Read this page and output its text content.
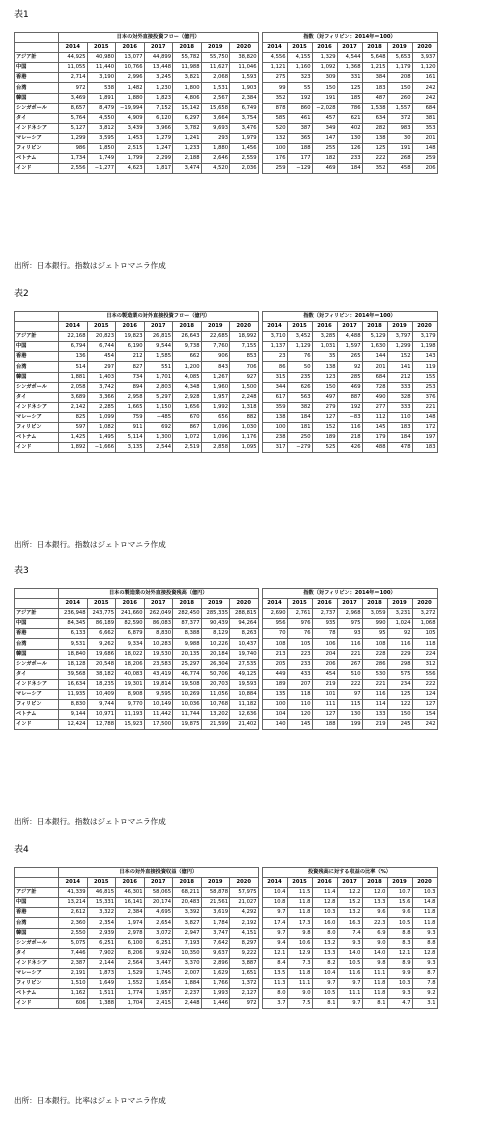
表1
	日本の対外直接投資フロー（億円）								指数（対フィリピン：2014年＝100）						
	2014	2015	2016	2017	2018	2019	2020		2014	2015	2016	2017	2018	2019	2020
アジア計	44,925	40,980	13,077	44,899	55,782	55,750	38,820		4,556	4,155	1,329	4,544	5,648	5,653	3,937
中国	11,055	11,440	10,766	13,448	11,988	11,627	11,046		1,121	1,160	1,092	1,368	1,215	1,179	1,120
香港	2,714	3,190	2,996	3,245	3,821	2,068	1,593		275	323	309	331	384	208	161
台湾	972	538	1,482	1,230	1,800	1,531	1,903		99	55	150	125	183	150	242
韓国	3,469	1,891	1,880	1,823	4,806	2,567	2,384		352	192	191	185	487	260	242
シンガポール	8,657	8,479	−19,994	7,152	15,142	15,658	6,749		878	860	−2,028	786	1,538	1,557	684
タイ	5,764	4,550	4,909	6,120	6,297	3,664	3,754		585	461	457	621	634	372	381
インドネシア	5,127	3,812	3,439	3,966	3,782	9,693	3,476		520	387	349	402	282	983	353
マレーシア	1,299	3,595	1,453	1,279	1,241	293	1,979		132	365	147	130	138	30	201
フィリピン	986	1,850	2,515	1,247	1,233	1,880	1,456		100	188	255	126	125	191	148
ベトナム	1,734	1,749	1,799	2,299	2,188	2,646	2,559		176	177	182	233	222	268	259
インド	2,556	−1,277	4,623	1,817	3,474	4,520	2,036		259	−129	469	184	352	458	206
出所：日本銀行。指数はジェトロマニラ作成
表2
	日本の製造業の対外直接投資フロー（億円）								指数（対フィリピン：2014年＝100）						
	2014	2015	2016	2017	2018	2019	2020		2014	2015	2016	2017	2018	2019	2020
アジア計	22,168	20,823	19,823	26,815	26,643	22,685	18,992		3,710	3,452	3,285	4,488	5,129	3,797	3,179
中国	6,794	6,744	6,190	9,544	9,738	7,760	7,155		1,137	1,129	1,031	1,597	1,630	1,299	1,198
香港	136	454	212	1,585	662	906	853		23	76	35	265	144	152	143
台湾	514	297	827	551	1,200	843	706		86	50	138	92	201	141	119
韓国	1,881	1,403	734	1,701	4,085	1,267	927		315	235	123	285	684	212	155
シンガポール	2,058	3,742	894	2,803	4,348	1,960	1,500		344	626	150	469	728	333	253
タイ	3,689	3,366	2,958	5,297	2,928	1,957	2,248		617	563	497	887	490	328	376
インドネシア	2,142	2,285	1,665	1,150	1,656	1,992	1,318		359	382	279	192	277	333	221
マレーシア	825	1,099	759	−485	670	656	882		138	184	127	−83	112	110	148
フィリピン	597	1,082	911	692	867	1,096	1,030		100	181	152	116	145	183	172
ベトナム	1,425	1,495	5,114	1,300	1,072	1,096	1,176		238	250	189	218	179	184	197
インド	1,892	−1,666	3,135	2,544	2,519	2,858	1,095		317	−279	525	426	488	478	183
出所：日本銀行。指数はジェトロマニラ作成
表3
	日本の製造業の対外直接投資残高（億円）								指数（対フィリピン：2014年＝100）						
	2014	2015	2016	2017	2018	2019	2020		2014	2015	2016	2017	2018	2019	2020
アジア計	236,948	243,775	241,660	262,049	282,450	285,335	288,815		2,690	2,761	2,737	2,968	3,059	3,231	3,272
中国	84,345	86,189	82,590	86,083	87,377	90,439	94,264		956	976	935	975	990	1,024	1,068
香港	6,133	6,662	6,879	8,830	8,388	8,129	8,263		70	76	78	93	95	92	105
台湾	9,531	9,262	9,334	10,283	9,988	10,226	10,437		108	105	106	116	108	116	118
韓国	18,840	19,686	18,022	19,530	20,135	20,184	19,740		213	223	204	221	228	229	224
シンガポール	18,128	20,548	18,206	23,583	25,297	26,304	27,535		205	233	206	267	286	298	312
タイ	39,568	38,182	40,083	43,419	46,774	50,706	49,125		449	433	454	510	530	575	556
インドネシア	16,634	18,235	19,301	19,814	19,508	20,703	19,593		189	207	219	222	221	234	222
マレーシア	11,935	10,409	8,908	9,595	10,269	11,056	10,884		135	118	101	97	116	125	124
フィリピン	8,830	9,744	9,770	10,149	10,036	10,768	11,182		100	110	111	115	114	122	127
ベトナム	9,144	10,971	11,193	11,442	11,744	13,202	12,636		104	120	127	130	133	150	154
インド	12,424	12,788	15,923	17,500	19,875	21,599	21,402		140	145	188	199	219	245	242
出所：日本銀行。指数はジェトロマニラ作成
表4
	日本の対外直接投資収益（億円）								投資残高に対する収益の比率（%）						
	2014	2015	2016	2017	2018	2019	2020		2014	2015	2016	2017	2018	2019	2020
アジア計	41,339	46,815	46,301	58,065	68,211	58,878	57,975		10.4	11.5	11.4	12.2	12.0	10.7	10.3
中国	13,214	15,331	16,141	20,174	20,483	21,561	21,027		10.8	11.8	12.8	15.2	13.3	15.6	14.8
香港	2,612	3,322	2,384	4,695	3,392	3,619	4,292		9.7	11.8	10.3	13.2	9.6	9.6	11.8
台湾	2,360	2,354	1,974	2,654	3,827	1,784	2,192		17.4	17.3	16.0	16.3	22.3	10.5	11.8
韓国	2,550	2,939	2,978	3,072	2,947	3,747	4,151		9.7	9.8	8.0	7.4	6.9	8.8	9.3
シンガポール	5,075	6,251	6,100	6,251	7,193	7,642	8,297		9.4	10.6	13.2	9.3	9.0	8.3	8.8
タイ	7,446	7,902	8,206	9,924	10,350	9,637	9,222		12.1	12.9	13.3	14.0	14.0	12.1	12.8
インドネシア	2,387	2,144	2,564	3,447	3,370	2,896	3,887		8.4	7.3	8.2	10.5	9.8	8.9	9.3
マレーシア	2,191	1,873	1,529	1,745	2,007	1,629	1,651		13.5	11.8	10.4	11.6	11.1	9.9	8.7
フィリピン	1,510	1,649	1,552	1,654	1,884	1,766	1,372		11.3	11.1	9.7	9.7	11.8	10.3	7.8
ベトナム	1,162	1,511	1,774	1,957	2,237	1,993	2,127		8.0	9.0	10.5	11.1	11.8	9.3	9.2
インド	606	1,388	1,704	2,415	2,448	1,446	972		3.7	7.5	8.1	9.7	8.1	4.7	3.1
出所：日本銀行。比率はジェトロマニラ作成
